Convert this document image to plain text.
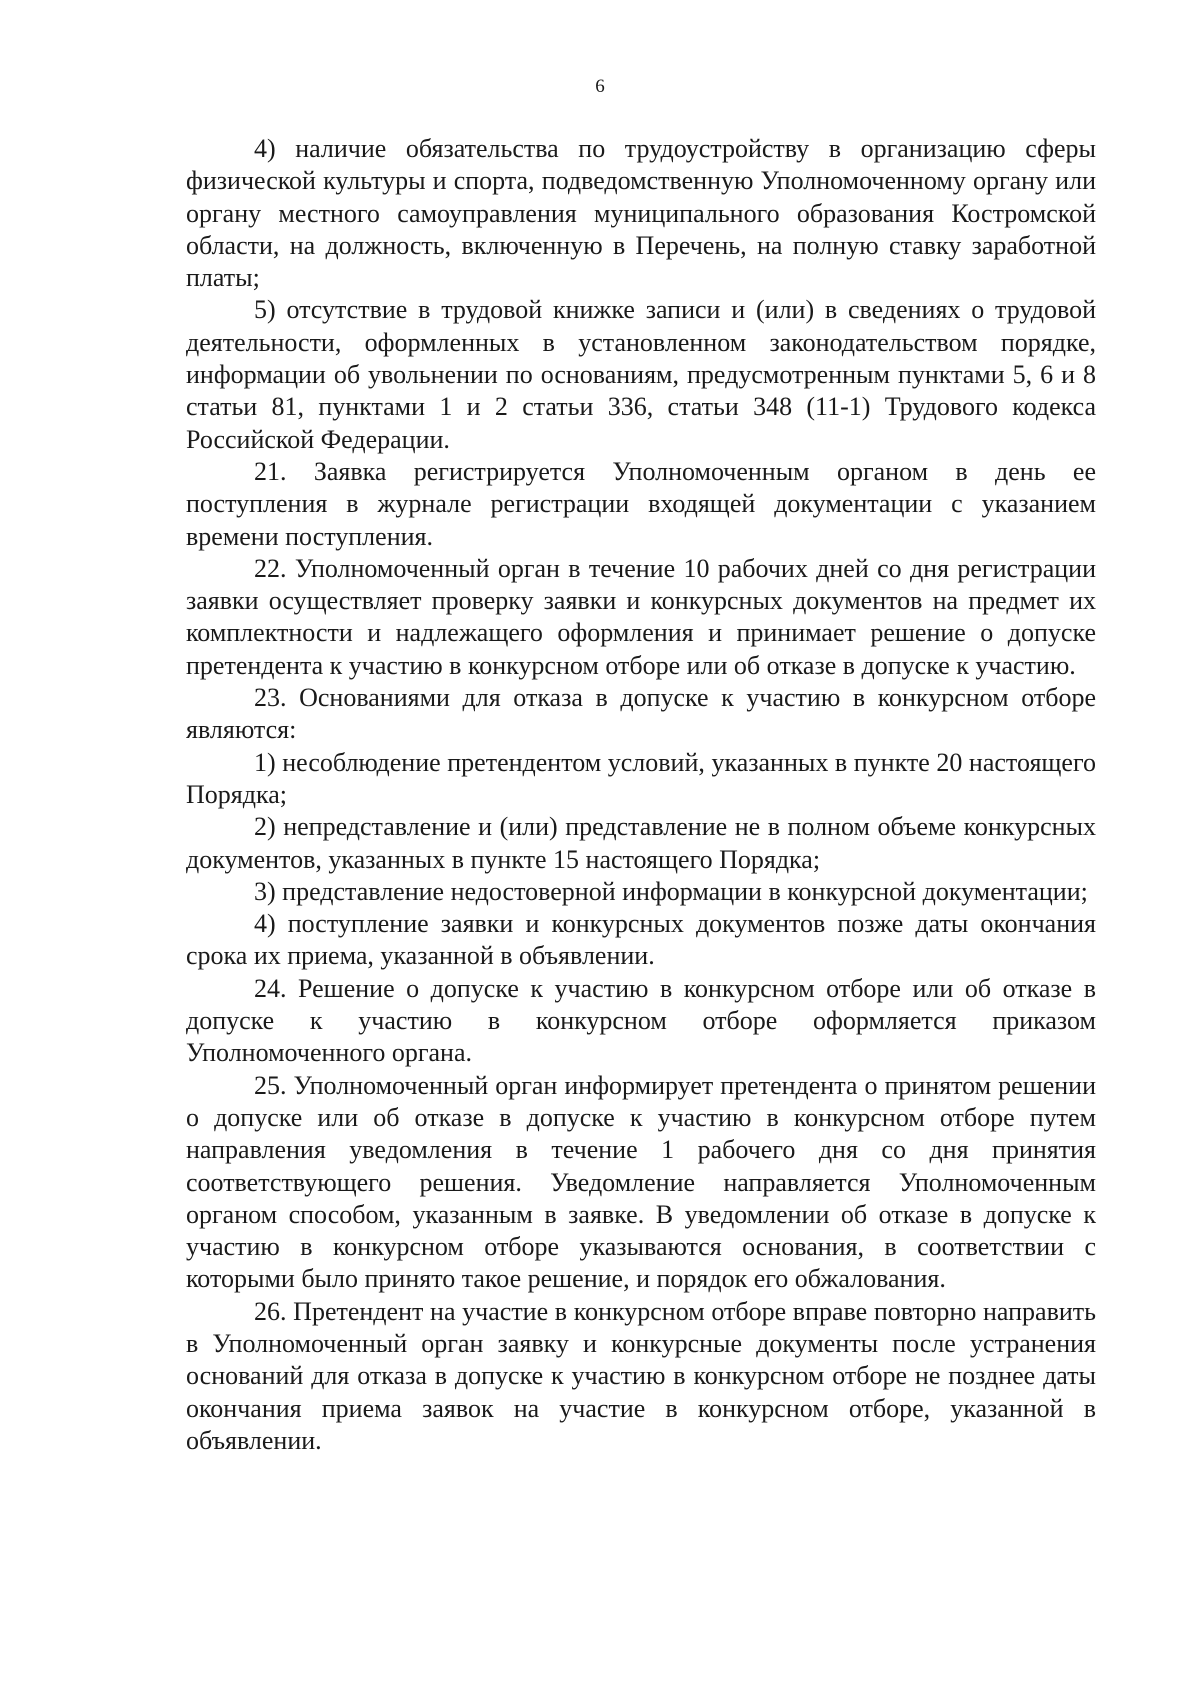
6

4) наличие обязательства по трудоустройству в организацию сферы физической культуры и спорта, подведомственную Уполномоченному органу или органу местного самоуправления муниципального образования Костромской области, на должность, включенную в Перечень, на полную ставку заработной платы;

5) отсутствие в трудовой книжке записи и (или) в сведениях о трудовой деятельности, оформленных в установленном законодательством порядке, информации об увольнении по основаниям, предусмотренным пунктами 5, 6 и 8 статьи 81, пунктами 1 и 2 статьи 336, статьи 348 (11-1) Трудового кодекса Российской Федерации.

21. Заявка регистрируется Уполномоченным органом в день ее поступления в журнале регистрации входящей документации с указанием времени поступления.

22. Уполномоченный орган в течение 10 рабочих дней со дня регистрации заявки осуществляет проверку заявки и конкурсных документов на предмет их комплектности и надлежащего оформления и принимает решение о допуске претендента к участию в конкурсном отборе или об отказе в допуске к участию.

23. Основаниями для отказа в допуске к участию в конкурсном отборе являются:

1) несоблюдение претендентом условий, указанных в пункте 20 настоящего Порядка;

2) непредставление и (или) представление не в полном объеме конкурсных документов, указанных в пункте 15 настоящего Порядка;

3) представление недостоверной информации в конкурсной документации;

4) поступление заявки и конкурсных документов позже даты окончания срока их приема, указанной в объявлении.

24. Решение о допуске к участию в конкурсном отборе или об отказе в допуске к участию в конкурсном отборе оформляется приказом Уполномоченного органа.

25. Уполномоченный орган информирует претендента о принятом решении о допуске или об отказе в допуске к участию в конкурсном отборе путем направления уведомления в течение 1 рабочего дня со дня принятия соответствующего решения. Уведомление направляется Уполномоченным органом способом, указанным в заявке. В уведомлении об отказе в допуске к участию в конкурсном отборе указываются основания, в соответствии с которыми было принято такое решение, и порядок его обжалования.

26. Претендент на участие в конкурсном отборе вправе повторно направить в Уполномоченный орган заявку и конкурсные документы после устранения оснований для отказа в допуске к участию в конкурсном отборе не позднее даты окончания приема заявок на участие в конкурсном отборе, указанной в объявлении.
